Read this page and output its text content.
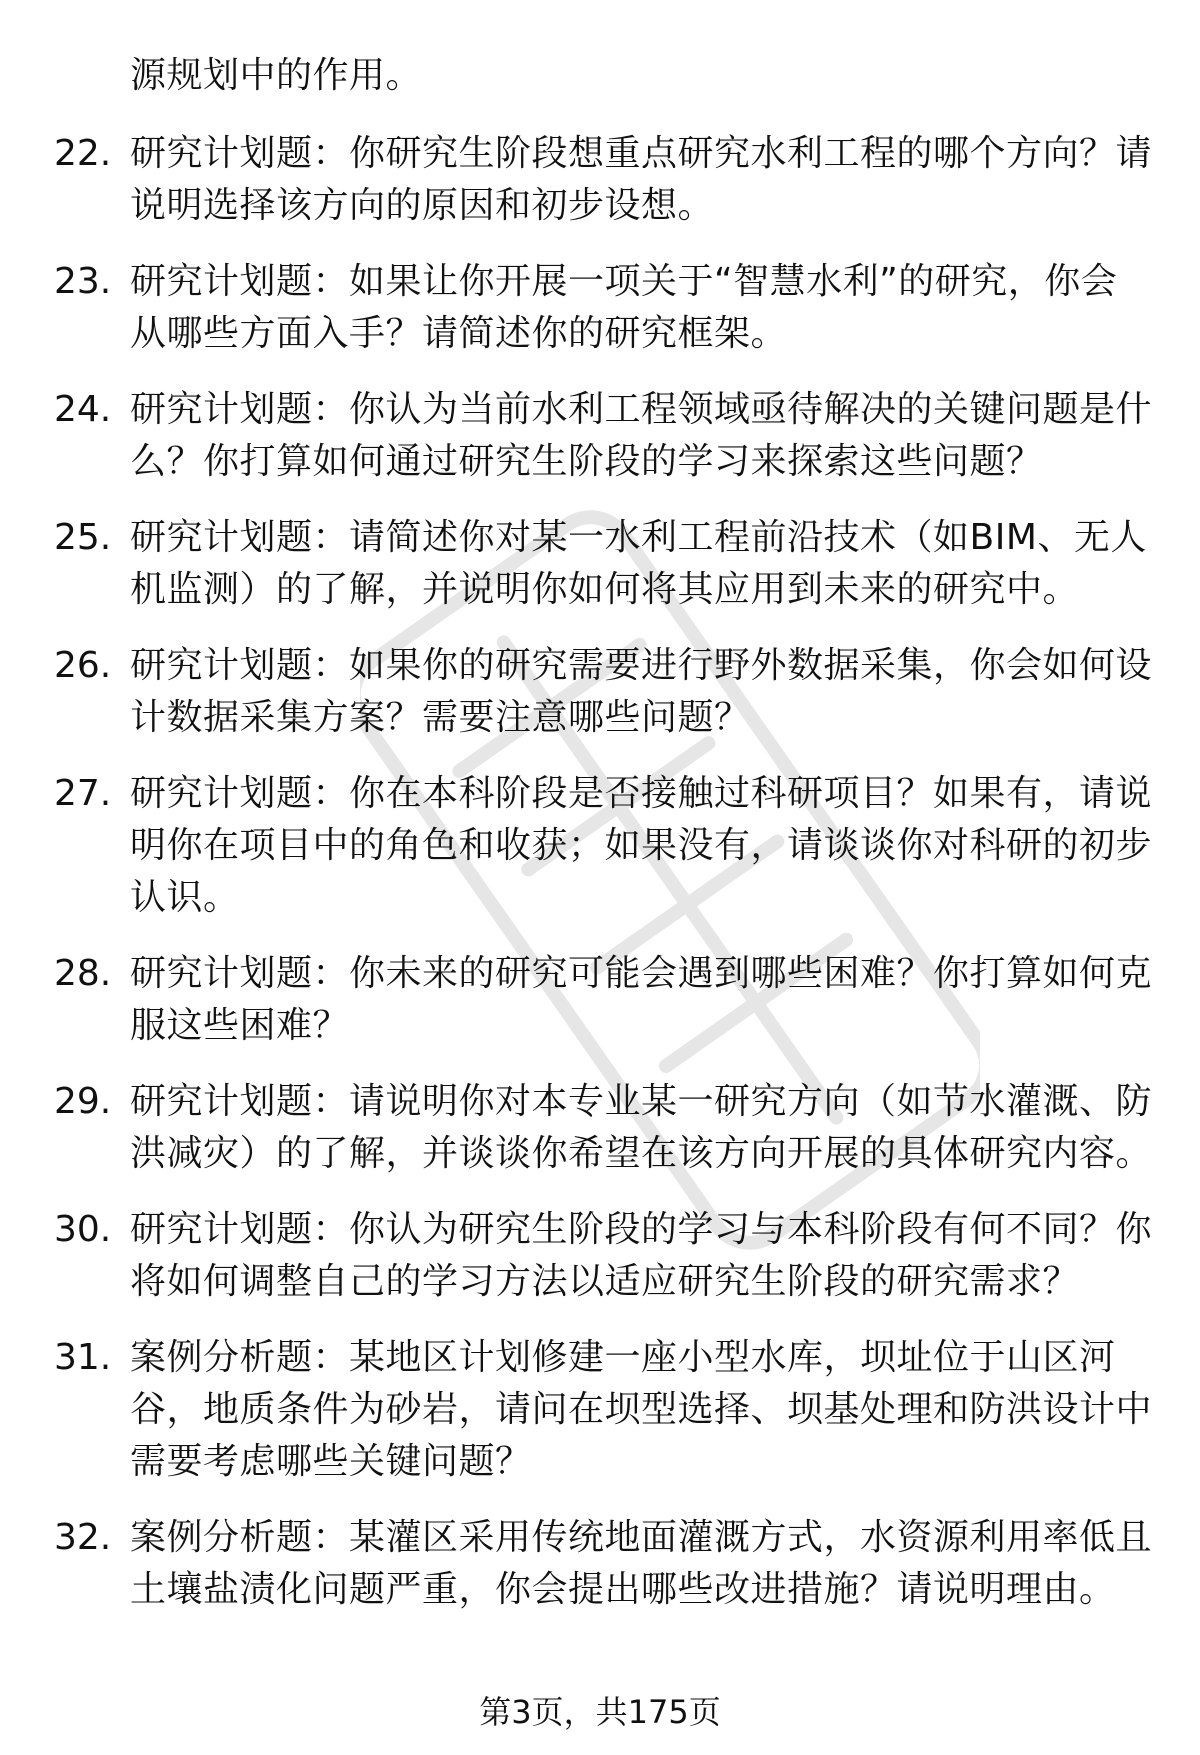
源规划中的作用。
22. 研究计划题：你研究生阶段想重点研究水利工程的哪个方向？请
说明选择该方向的原因和初步设想。
23. 研究计划题：如果让你开展一项关于“智慧水利”的研究，你会
从哪些方面入手？请简述你的研究框架。
24. 研究计划题：你认为当前水利工程领域亟待解决的关键问题是什
么？你打算如何通过研究生阶段的学习来探索这些问题？
25. 研究计划题：请简述你对某一水利工程前沿技术（如BIM、无人
机监测）的了解，并说明你如何将其应用到未来的研究中。
26. 研究计划题：如果你的研究需要进行野外数据采集，你会如何设
计数据采集方案？需要注意哪些问题？
27. 研究计划题：你在本科阶段是否接触过科研项目？如果有，请说
明你在项目中的角色和收获；如果没有，请谈谈你对科研的初步
认识。
28. 研究计划题：你未来的研究可能会遇到哪些困难？你打算如何克
服这些困难？
29. 研究计划题：请说明你对本专业某一研究方向（如节水灌溉、防
洪减灾）的了解，并谈谈你希望在该方向开展的具体研究内容。
30. 研究计划题：你认为研究生阶段的学习与本科阶段有何不同？你
将如何调整自己的学习方法以适应研究生阶段的研究需求？
31. 案例分析题：某地区计划修建一座小型水库，坝址位于山区河
谷，地质条件为砂岩，请问在坝型选择、坝基处理和防洪设计中
需要考虑哪些关键问题？
32. 案例分析题：某灌区采用传统地面灌溉方式，水资源利用率低且
土壤盐渍化问题严重，你会提出哪些改进措施？请说明理由。
第3页，共175页
